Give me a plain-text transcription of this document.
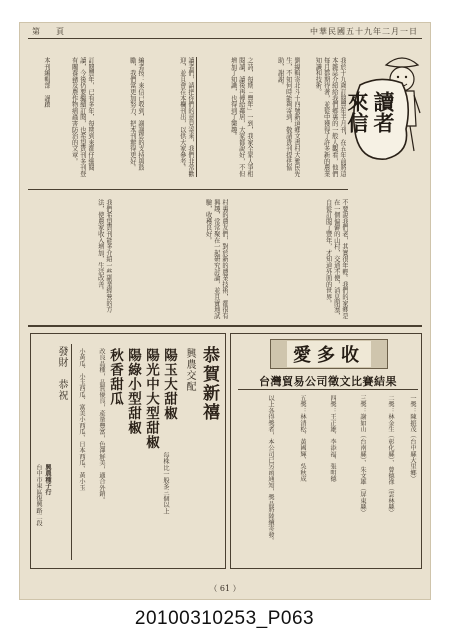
中華民國五十九年二月一日
第　　頁
讀者來信
我於十九歲訂閱豐年半月刊，在五年前將這本雜誌介紹給我們鄉裏的一般人觀看，他們每月都期待著，並從中獲得了許多新的農業知識和技術。
劉緯輯寄北斗十四號新道鄉文書村大雅民先生，不知何時能夠寄到，敬請貴刊提供協助，謝謝。
之詩，每期「豐年」一到，我家全家人爭相閱讀，讀後再傳給鄰居，大家都說好，不但增加了知識，也得到了樂趣。
讀者們，請把你們的意見寄來，我們非常歡迎，並且會在本欄刊出，以供大家參考。
編者按：來信已收到，謝謝您的支持與鼓勵，我們當更加努力，把本刊辦得更好。
訂閱豐年，已有多年，每期到來都仔細閱讀，今後仍要繼續訂閱，也希望貴刊多刊登有關養豬及農作物病蟲害防治的文章。
本刊編輯部　謹啟
不要說我們老，其實很年輕。我們的家鄉是在一個偏僻的山村，交通不便，消息閉塞，自從訂閱了豐年，才知道外面的世界。
村裏的農友們，對於新的農業技術，都很有興趣，常常聚在一起研究討論，並且實地試驗，收穫良好。
我們希望貴刊能多介紹一些副業經營的方法，使農家收入增加，生活改善。
恭賀新禧
興農交配
陽玉大甜椒
陽光中大型甜椒
陽綠小型甜椒
秋香甜瓜
每株比一般多三個以上
改良品種，品質優良，產量豐富，色澤鮮美，適合外銷。
小黃瓜、小玉西瓜、富美小西瓜、日本西瓜、黃小玉
發財　恭祝
興農種子行
台中市東區復興路二段
愛多收
台灣貿易公司徵文比賽結果
一獎：陳振茂（台中縣大里鄉）
二獎：林金生（彰化縣）、曾德祿（雲林縣）
三獎：謝如山（台南縣）、朱文雄（屏東縣）
四獎：王正雄、李添福、張明德
五獎：林清松、黃國輝、吳秋成
以上各得獎者，本公司已另函通知，獎品將陸續寄發。
（ 61 ）
20100310253_P063
